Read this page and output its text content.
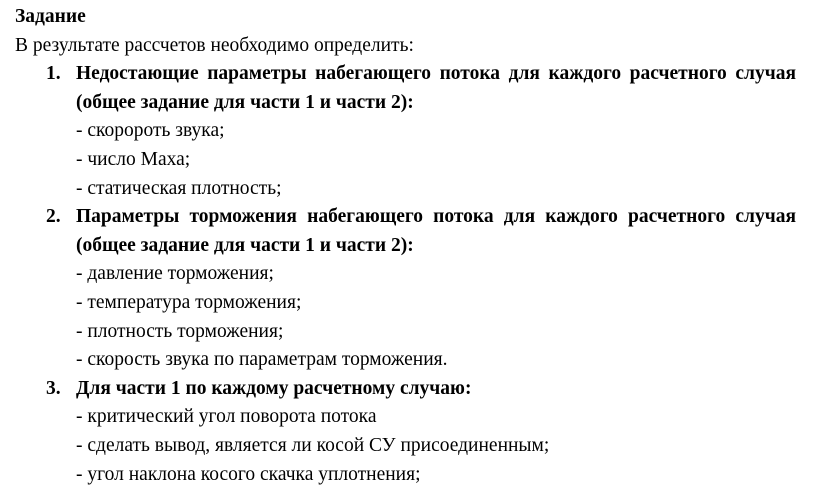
Задание
В результате рассчетов необходимо определить:
1. Недостающие параметры набегающего потока для каждого расчетного случая (общее задание для части 1 и части 2):
- скоророть звука;
- число Маха;
- статическая плотность;
2. Параметры торможения набегающего потока для каждого расчетного случая (общее задание для части 1 и части 2):
- давление торможения;
- температура торможения;
- плотность торможения;
- скорость звука по параметрам торможения.
3. Для части 1 по каждому расчетному случаю:
- критический угол поворота потока
- сделать вывод, является ли косой СУ присоединенным;
- угол наклона косого скачка уплотнения;
